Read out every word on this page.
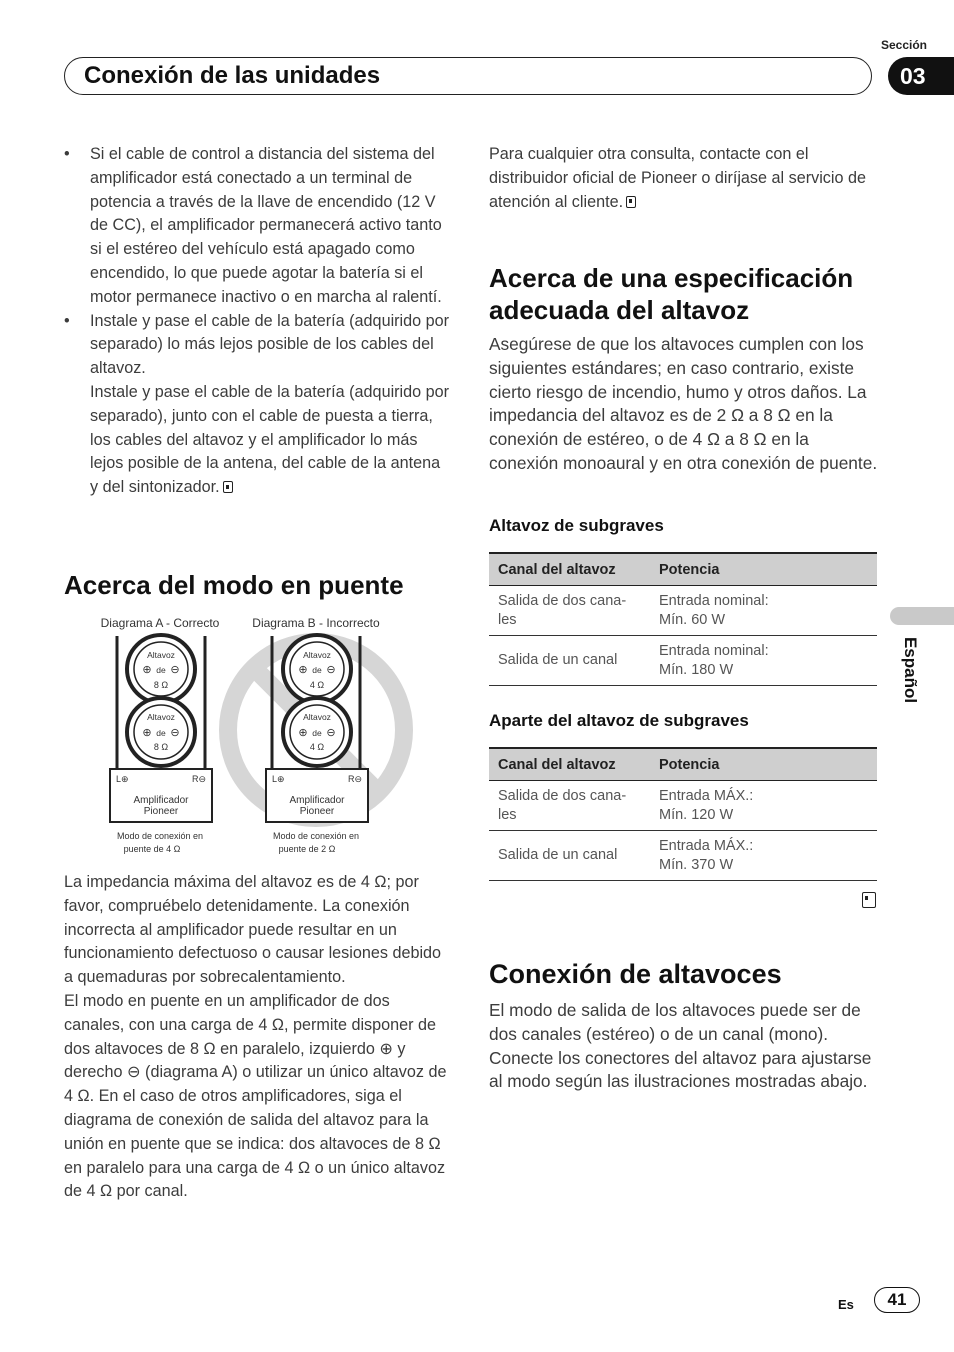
Sección
Conexión de las unidades	03
Español
• Si el cable de control a distancia del sistema del amplificador está conectado a un terminal de potencia a través de la llave de encendido (12 V de CC), el amplificador permanecerá activo tanto si el estéreo del vehículo está apagado como encendido, lo que puede agotar la batería si el motor permanece inactivo o en marcha al ralentí.
• Instale y pase el cable de la batería (adquirido por separado) lo más lejos posible de los cables del altavoz.
Instale y pase el cable de la batería (adquirido por separado), junto con el cable de puesta a tierra, los cables del altavoz y el amplificador lo más lejos posible de la antena, del cable de la antena y del sintonizador.
Acerca del modo en puente
Diagrama A - Correcto	Diagrama B - Incorrecto
Altavoz
⊕ de ⊖
8 Ω
Altavoz
⊕ de ⊖
8 Ω
L⊕	R⊖
Amplificador
Pioneer
Modo de conexión en
puente de 4 Ω
Altavoz
⊕ de ⊖
4 Ω
Altavoz
⊕ de ⊖
4 Ω
L⊕	R⊖
Amplificador
Pioneer
Modo de conexión en
puente de 2 Ω
La impedancia máxima del altavoz es de 4 Ω; por favor, compruébelo detenidamente. La conexión incorrecta al amplificador puede resultar en un funcionamiento defectuoso o causar lesiones debido a quemaduras por sobrecalentamiento.
El modo en puente en un amplificador de dos canales, con una carga de 4 Ω, permite disponer de dos altavoces de 8 Ω en paralelo, izquierdo ⊕ y derecho ⊖ (diagrama A) o utilizar un único altavoz de 4 Ω. En el caso de otros amplificadores, siga el diagrama de conexión de salida del altavoz para la unión en puente que se indica: dos altavoces de 8 Ω en paralelo para una carga de 4 Ω o un único altavoz de 4 Ω por canal.
Para cualquier otra consulta, contacte con el distribuidor oficial de Pioneer o diríjase al servicio de atención al cliente.
Acerca de una especificación adecuada del altavoz
Asegúrese de que los altavoces cumplen con los siguientes estándares; en caso contrario, existe cierto riesgo de incendio, humo y otros daños. La impedancia del altavoz es de 2 Ω a 8 Ω en la conexión de estéreo, o de 4 Ω a 8 Ω en la conexión monoaural y en otra conexión de puente.
Altavoz de subgraves
Canal del altavoz	Potencia
Salida de dos cana-
les	Entrada nominal:
Mín. 60 W
Salida de un canal	Entrada nominal:
Mín. 180 W
Aparte del altavoz de subgraves
Canal del altavoz	Potencia
Salida de dos cana-
les	Entrada MÁX.:
Mín. 120 W
Salida de un canal	Entrada MÁX.:
Mín. 370 W
Conexión de altavoces
El modo de salida de los altavoces puede ser de dos canales (estéreo) o de un canal (mono). Conecte los conectores del altavoz para ajustarse al modo según las ilustraciones mostradas abajo.
Es	41
